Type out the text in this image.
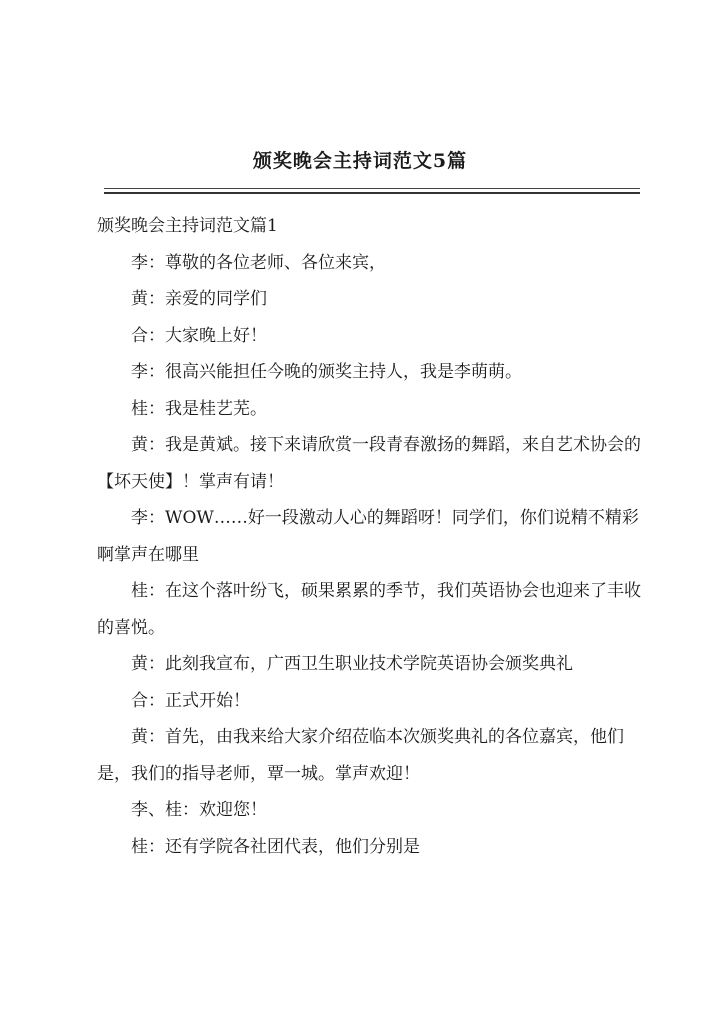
颁奖晚会主持词范文5篇

颁奖晚会主持词范文篇1

李：尊敬的各位老师、各位来宾，

黄：亲爱的同学们

合：大家晚上好！

李：很高兴能担任今晚的颁奖主持人，我是李萌萌。

桂：我是桂艺芜。

黄：我是黄斌。接下来请欣赏一段青春激扬的舞蹈，来自艺术协会的【坏天使】！掌声有请！

李：WOW……好一段激动人心的舞蹈呀！同学们，你们说精不精彩啊掌声在哪里

桂：在这个落叶纷飞，硕果累累的季节，我们英语协会也迎来了丰收的喜悦。

黄：此刻我宣布，广西卫生职业技术学院英语协会颁奖典礼

合：正式开始！

黄：首先，由我来给大家介绍莅临本次颁奖典礼的各位嘉宾，他们是，我们的指导老师，覃一城。掌声欢迎！

李、桂：欢迎您！

桂：还有学院各社团代表，他们分别是
